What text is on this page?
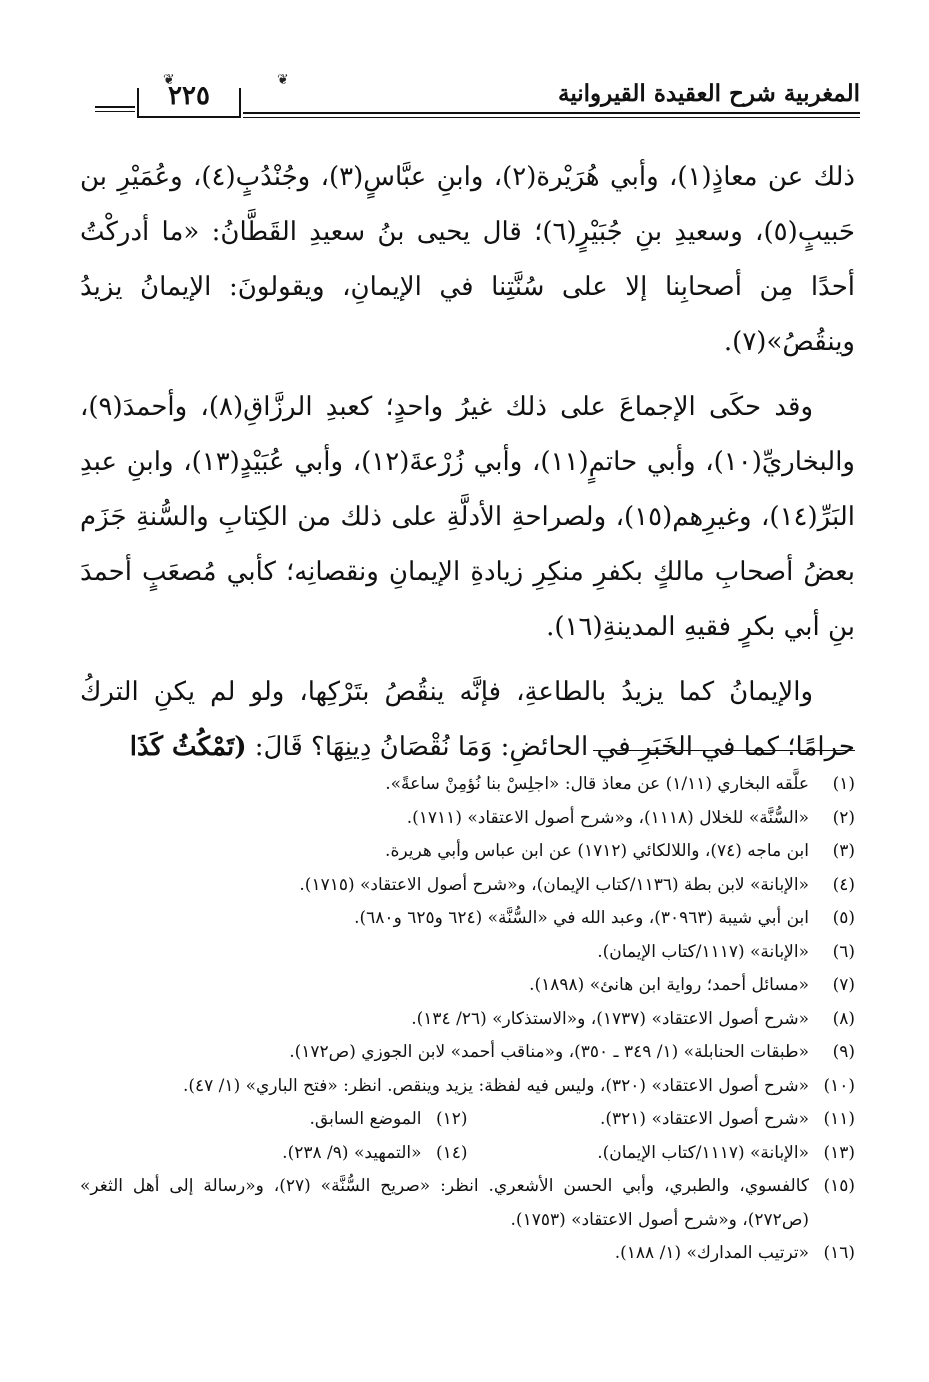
المغربية شرح العقيدة القيروانية
❦	❦
٢٢٥

ذلك عن معاذٍ(١)، وأبي هُرَيْرة(٢)، وابنِ عبَّاسٍ(٣)، وجُنْدُبٍ(٤)، وعُمَيْرِ بن حَبيبٍ(٥)، وسعيدِ بنِ جُبَيْرٍ(٦)؛ قال يحيى بنُ سعيدِ القَطَّانُ: «ما أدركْتُ أحدًا مِن أصحابِنا إلا على سُنَّتِنا في الإيمانِ، ويقولونَ: الإيمانُ يزيدُ وينقُصُ»(٧).

وقد حكَى الإجماعَ على ذلك غيرُ واحدٍ؛ كعبدِ الرزَّاقِ(٨)، وأحمدَ(٩)، والبخاريِّ(١٠)، وأبي حاتمٍ(١١)، وأبي زُرْعةَ(١٢)، وأبي عُبَيْدٍ(١٣)، وابنِ عبدِ البَرِّ(١٤)، وغيرِهم(١٥)، ولصراحةِ الأدلَّةِ على ذلك من الكِتابِ والسُّنةِ جَزَم بعضُ أصحابِ مالكٍ بكفرِ منكِرِ زيادةِ الإيمانِ ونقصانِه؛ كأبي مُصعَبٍ أحمدَ بنِ أبي بكرٍ فقيهِ المدينةِ(١٦).

والإيمانُ كما يزيدُ بالطاعةِ، فإنَّه ينقُصُ بتَرْكِها، ولو لم يكنِ التركُ حرامًا؛ كما في الخَبَرِ في الحائضِ: وَمَا نُقْصَانُ دِينِهَا؟ قَالَ: (تَمْكُثُ كَذَا

(١)
علَّقه البخاري (١/١١) عن معاذ قال: «اجلِسْ بنا نُؤمِنْ ساعةً».
(٢)
«السُّنَّة» للخلال (١١١٨)، و«شرح أصول الاعتقاد» (١٧١١).
(٣)
ابن ماجه (٧٤)، واللالكائي (١٧١٢) عن ابن عباس وأبي هريرة.
(٤)
«الإبانة» لابن بطة (١١٣٦/كتاب الإيمان)، و«شرح أصول الاعتقاد» (١٧١٥).
(٥)
ابن أبي شيبة (٣٠٩٦٣)، وعبد الله في «السُّنَّة» (٦٢٤ و٦٢٥ و٦٨٠).
(٦)
«الإبانة» (١١١٧/كتاب الإيمان).
(٧)
«مسائل أحمد؛ رواية ابن هانئ» (١٨٩٨).
(٨)
«شرح أصول الاعتقاد» (١٧٣٧)، و«الاستذكار» (٢٦/ ١٣٤).
(٩)
«طبقات الحنابلة» (١/ ٣٤٩ ـ ٣٥٠)، و«مناقب أحمد» لابن الجوزي (ص١٧٢).
(١٠)
«شرح أصول الاعتقاد» (٣٢٠)، وليس فيه لفظة: يزيد وينقص. انظر: «فتح الباري» (١/ ٤٧).
(١١)
«شرح أصول الاعتقاد» (٣٢١).
(١٢)
الموضع السابق.
(١٣)
«الإبانة» (١١١٧/كتاب الإيمان).
(١٤)
«التمهيد» (٩/ ٢٣٨).
(١٥)
كالفسوي، والطبري، وأبي الحسن الأشعري. انظر: «صريح السُّنَّة» (٢٧)، و«رسالة إلى أهل الثغر» (ص٢٧٢)، و«شرح أصول الاعتقاد» (١٧٥٣).
(١٦)
«ترتيب المدارك» (١/ ١٨٨).
